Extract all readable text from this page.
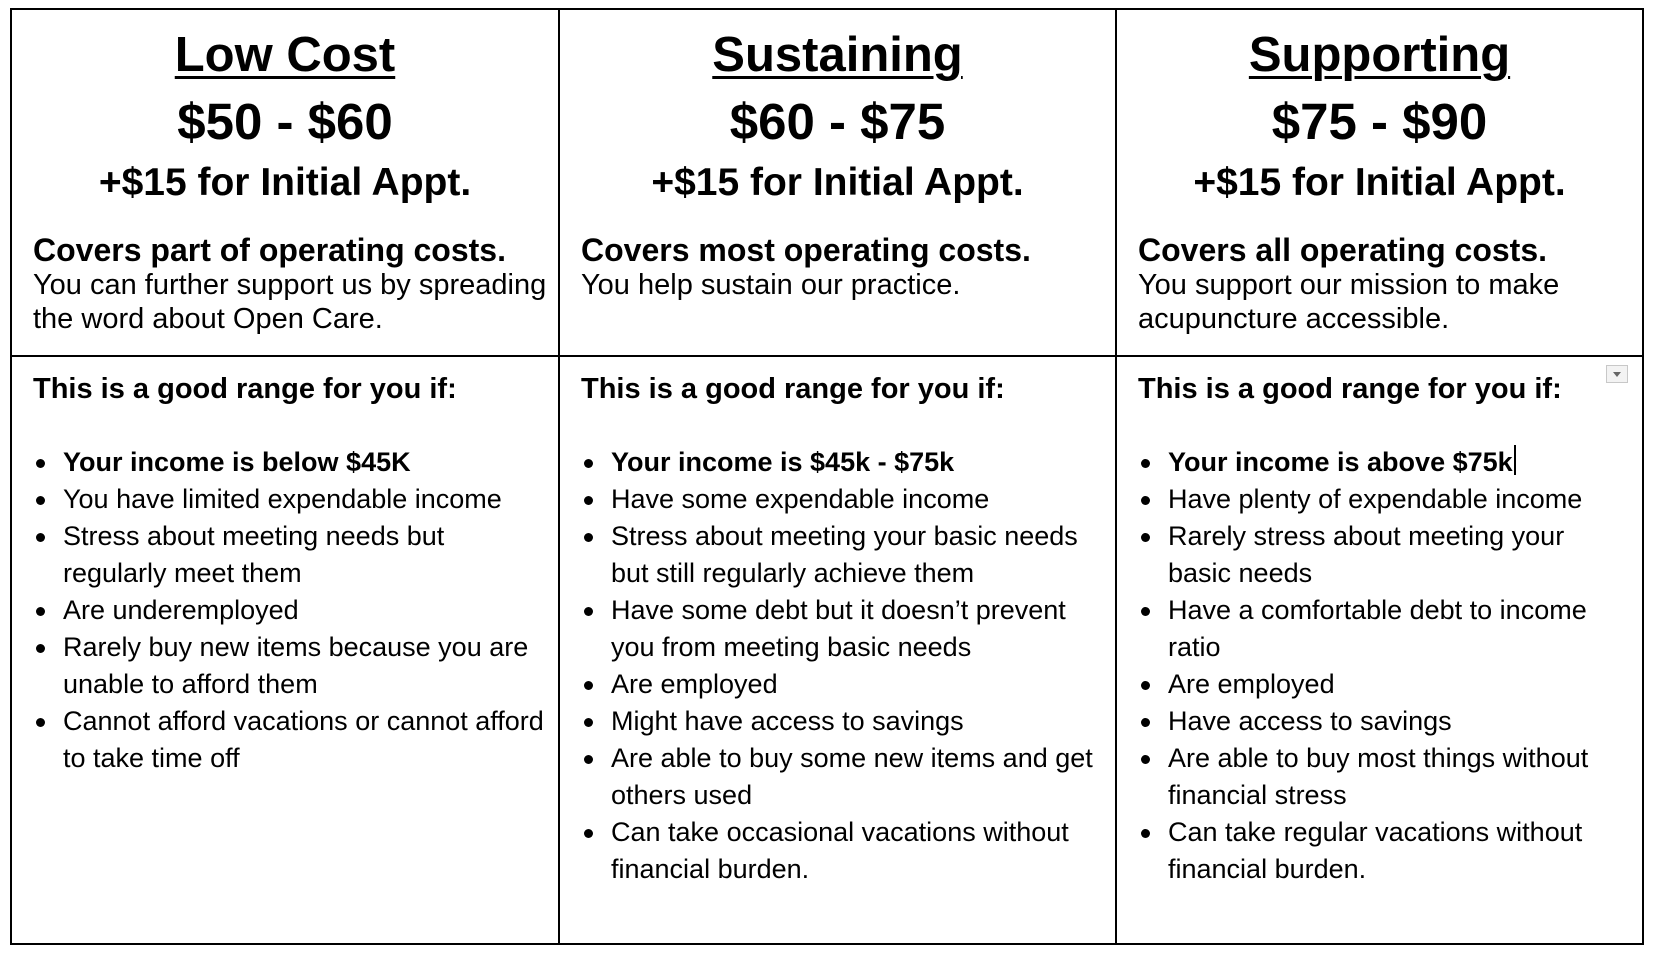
Low Cost
$50 - $60
+$15 for Initial Appt.
Covers part of operating costs.
You can further support us by spreading the word about Open Care.
Sustaining
$60 - $75
+$15 for Initial Appt.
Covers most operating costs.
You help sustain our practice.
Supporting
$75 - $90
+$15 for Initial Appt.
Covers all operating costs.
You support our mission to make acupuncture accessible.
This is a good range for you if:
Your income is below $45K
You have limited expendable income
Stress about meeting needs but regularly meet them
Are underemployed
Rarely buy new items because you are unable to afford them
Cannot afford vacations or cannot afford to take time off
This is a good range for you if:
Your income is $45k - $75k
Have some expendable income
Stress about meeting your basic needs but still regularly achieve them
Have some debt but it doesn’t prevent you from meeting basic needs
Are employed
Might have access to savings
Are able to buy some new items and get others used
Can take occasional vacations without financial burden.
This is a good range for you if:
Your income is above $75k
Have plenty of expendable income
Rarely stress about meeting your basic needs
Have a comfortable debt to income ratio
Are employed
Have access to savings
Are able to buy most things without financial stress
Can take regular vacations without financial burden.
